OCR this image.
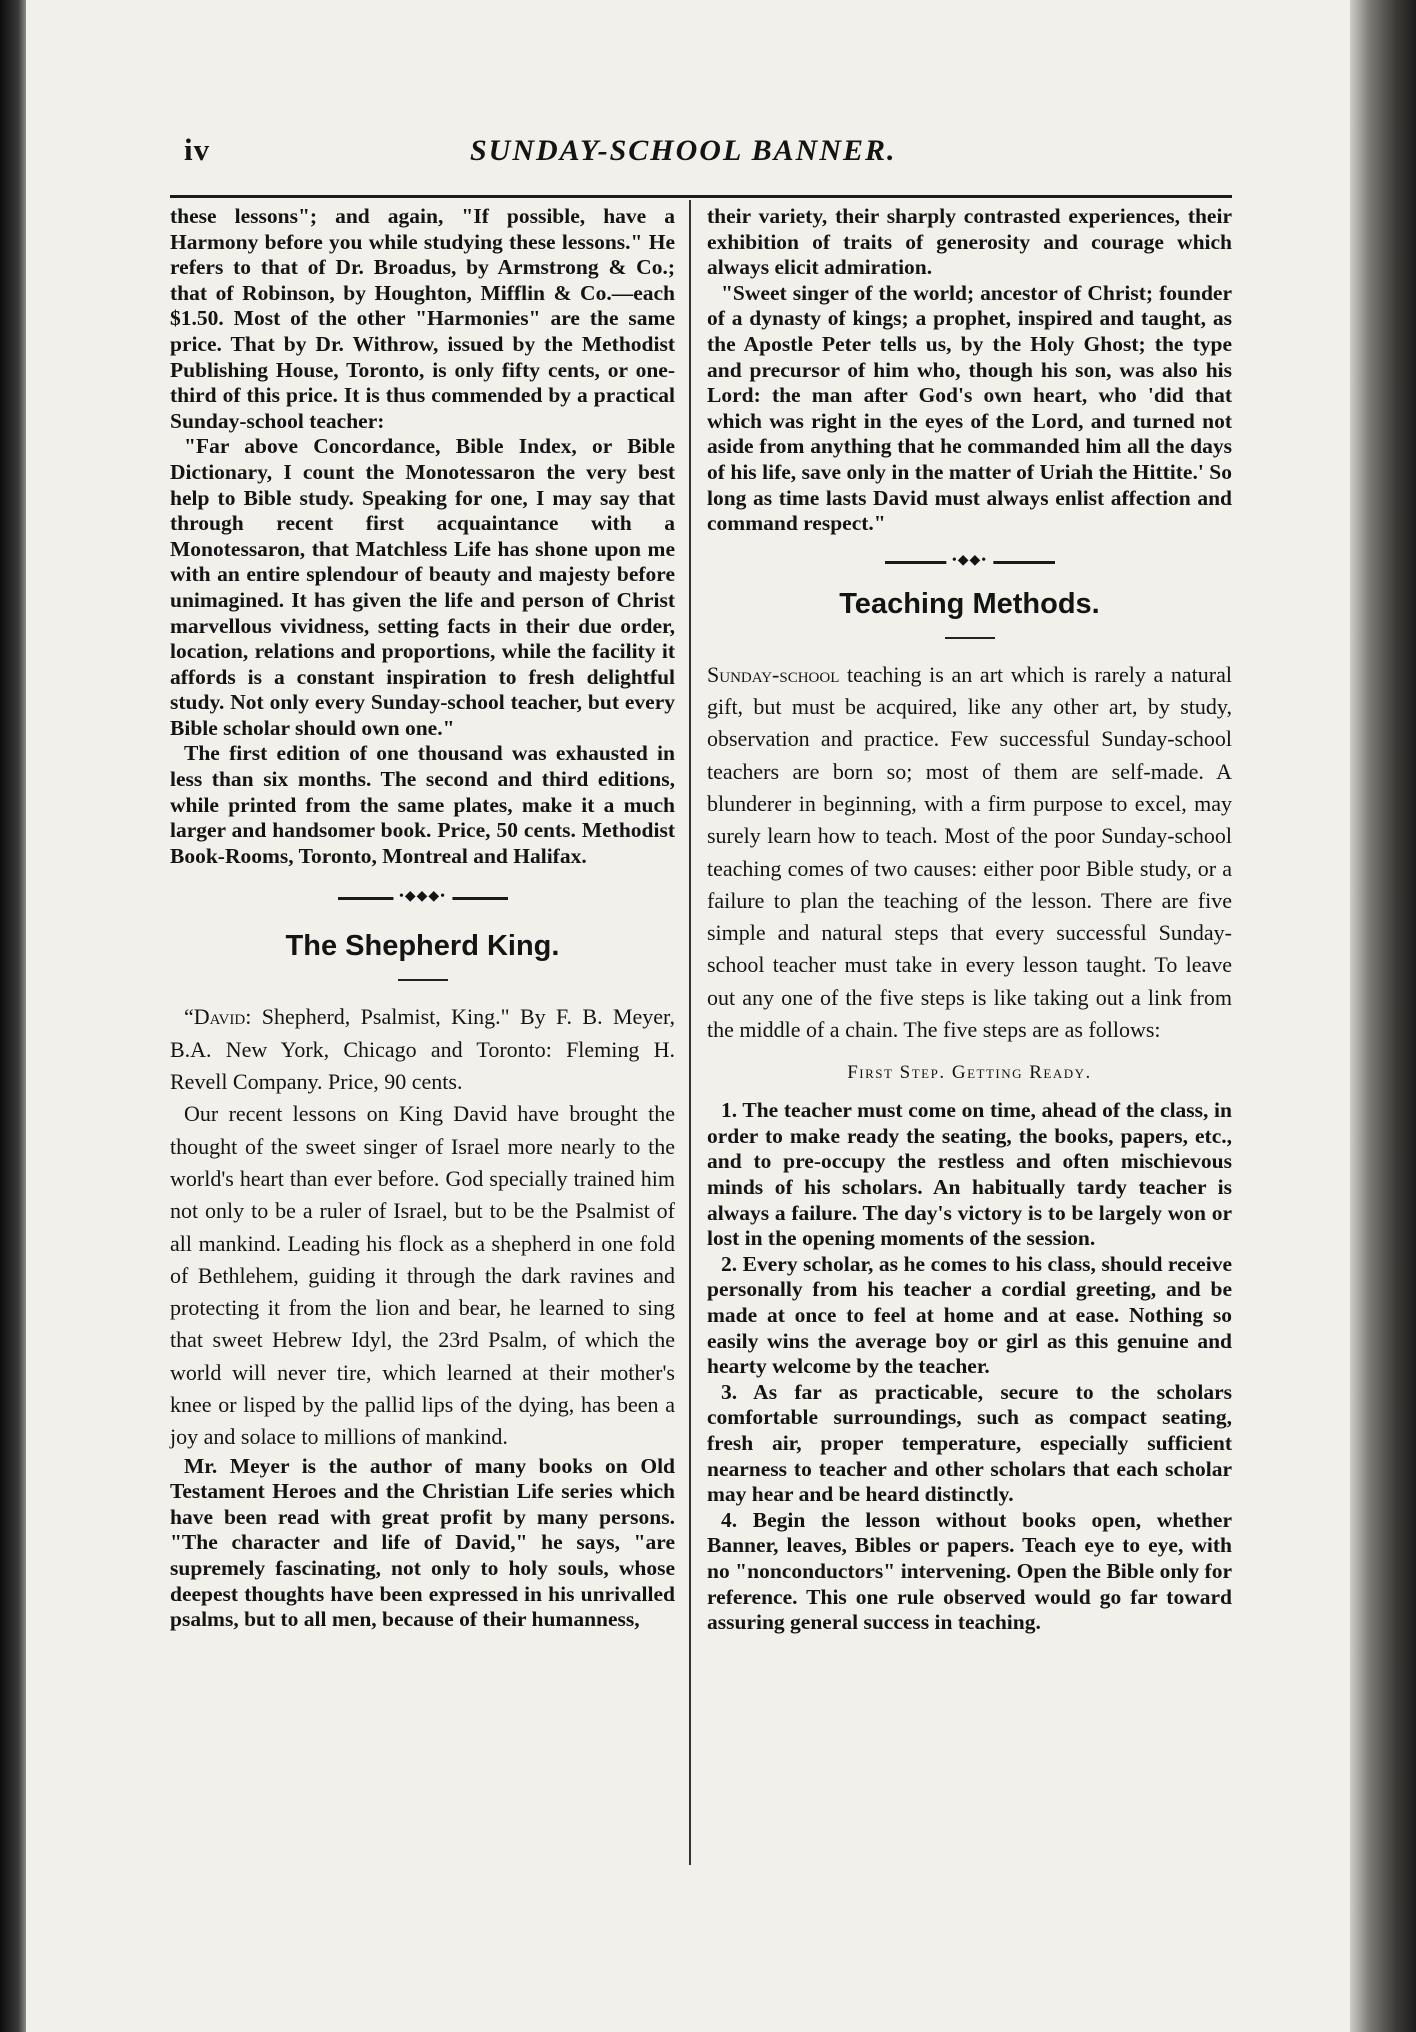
iv	SUNDAY-SCHOOL BANNER.

these lessons"; and again, "If possible, have a Harmony before you while studying these lessons." He refers to that of Dr. Broadus, by Armstrong & Co.; that of Robinson, by Houghton, Mifflin & Co.—each $1.50. Most of the other "Harmonies" are the same price. That by Dr. Withrow, issued by the Methodist Publishing House, Toronto, is only fifty cents, or one-third of this price. It is thus commended by a practical Sunday-school teacher:

"Far above Concordance, Bible Index, or Bible Dictionary, I count the Monotessaron the very best help to Bible study. Speaking for one, I may say that through recent first acquaintance with a Monotessaron, that Matchless Life has shone upon me with an entire splendour of beauty and majesty before unimagined. It has given the life and person of Christ marvellous vividness, setting facts in their due order, location, relations and proportions, while the facility it affords is a constant inspiration to fresh delightful study. Not only every Sunday-school teacher, but every Bible scholar should own one."

The first edition of one thousand was exhausted in less than six months. The second and third editions, while printed from the same plates, make it a much larger and handsomer book. Price, 50 cents. Methodist Book-Rooms, Toronto, Montreal and Halifax.

•◆◆◆•
The Shepherd King.

“David: Shepherd, Psalmist, King." By F. B. Meyer, B.A. New York, Chicago and Toronto: Fleming H. Revell Company. Price, 90 cents.

Our recent lessons on King David have brought the thought of the sweet singer of Israel more nearly to the world's heart than ever before. God specially trained him not only to be a ruler of Israel, but to be the Psalmist of all mankind. Leading his flock as a shepherd in one fold of Bethlehem, guiding it through the dark ravines and protecting it from the lion and bear, he learned to sing that sweet Hebrew Idyl, the 23rd Psalm, of which the world will never tire, which learned at their mother's knee or lisped by the pallid lips of the dying, has been a joy and solace to millions of mankind.

Mr. Meyer is the author of many books on Old Testament Heroes and the Christian Life series which have been read with great profit by many persons. "The character and life of David," he says, "are supremely fascinating, not only to holy souls, whose deepest thoughts have been expressed in his unrivalled psalms, but to all men, because of their humanness,

their variety, their sharply contrasted experiences, their exhibition of traits of generosity and courage which always elicit admiration.

"Sweet singer of the world; ancestor of Christ; founder of a dynasty of kings; a prophet, inspired and taught, as the Apostle Peter tells us, by the Holy Ghost; the type and precursor of him who, though his son, was also his Lord: the man after God's own heart, who 'did that which was right in the eyes of the Lord, and turned not aside from anything that he commanded him all the days of his life, save only in the matter of Uriah the Hittite.' So long as time lasts David must always enlist affection and command respect."

•◆◆•
Teaching Methods.

Sunday-school teaching is an art which is rarely a natural gift, but must be acquired, like any other art, by study, observation and practice. Few successful Sunday-school teachers are born so; most of them are self-made. A blunderer in beginning, with a firm purpose to excel, may surely learn how to teach. Most of the poor Sunday-school teaching comes of two causes: either poor Bible study, or a failure to plan the teaching of the lesson. There are five simple and natural steps that every successful Sunday-school teacher must take in every lesson taught. To leave out any one of the five steps is like taking out a link from the middle of a chain. The five steps are as follows:

First Step. Getting Ready.

1. The teacher must come on time, ahead of the class, in order to make ready the seating, the books, papers, etc., and to pre-occupy the restless and often mischievous minds of his scholars. An habitually tardy teacher is always a failure. The day's victory is to be largely won or lost in the opening moments of the session.

2. Every scholar, as he comes to his class, should receive personally from his teacher a cordial greeting, and be made at once to feel at home and at ease. Nothing so easily wins the average boy or girl as this genuine and hearty welcome by the teacher.

3. As far as practicable, secure to the scholars comfortable surroundings, such as compact seating, fresh air, proper temperature, especially sufficient nearness to teacher and other scholars that each scholar may hear and be heard distinctly.

4. Begin the lesson without books open, whether Banner, leaves, Bibles or papers. Teach eye to eye, with no "nonconductors" intervening. Open the Bible only for reference. This one rule observed would go far toward assuring general success in teaching.
